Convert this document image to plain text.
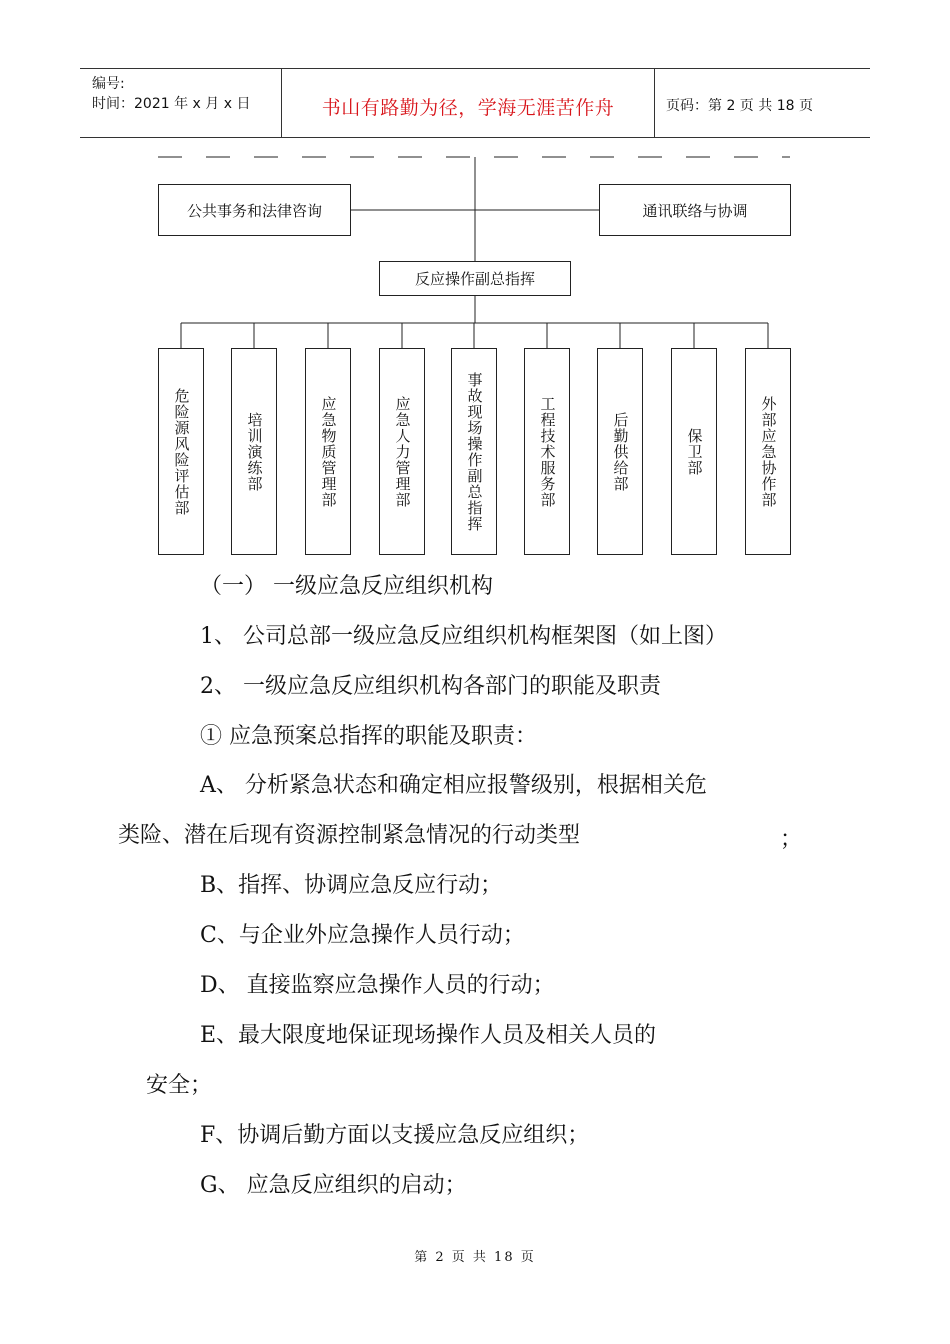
编号:
时间：2021 年 x 月 x 日	书山有路勤为径，学海无涯苦作舟	页码：第 2 页 共 18 页
公共事务和法律咨询	通讯联络与协调
反应操作副总指挥
危险源风险评估部	培训演练部	应急物质管理部	应急人力管理部	事故现场操作副总指挥	工程技术服务部	后勤供给部	保卫部	外部应急协作部
（一） 一级应急反应组织机构
1、 公司总部一级应急反应组织机构框架图（如上图）
2、 一级应急反应组织机构各部门的职能及职责
① 应急预案总指挥的职能及职责：
A、 分析紧急状态和确定相应报警级别，根据相关危
类险、潜在后现有资源控制紧急情况的行动类型	；
B、指挥、协调应急反应行动；
C、与企业外应急操作人员行动；
D、 直接监察应急操作人员的行动；
E、最大限度地保证现场操作人员及相关人员的
安全；
F、协调后勤方面以支援应急反应组织；
G、 应急反应组织的启动；
第 2 页 共 18 页
